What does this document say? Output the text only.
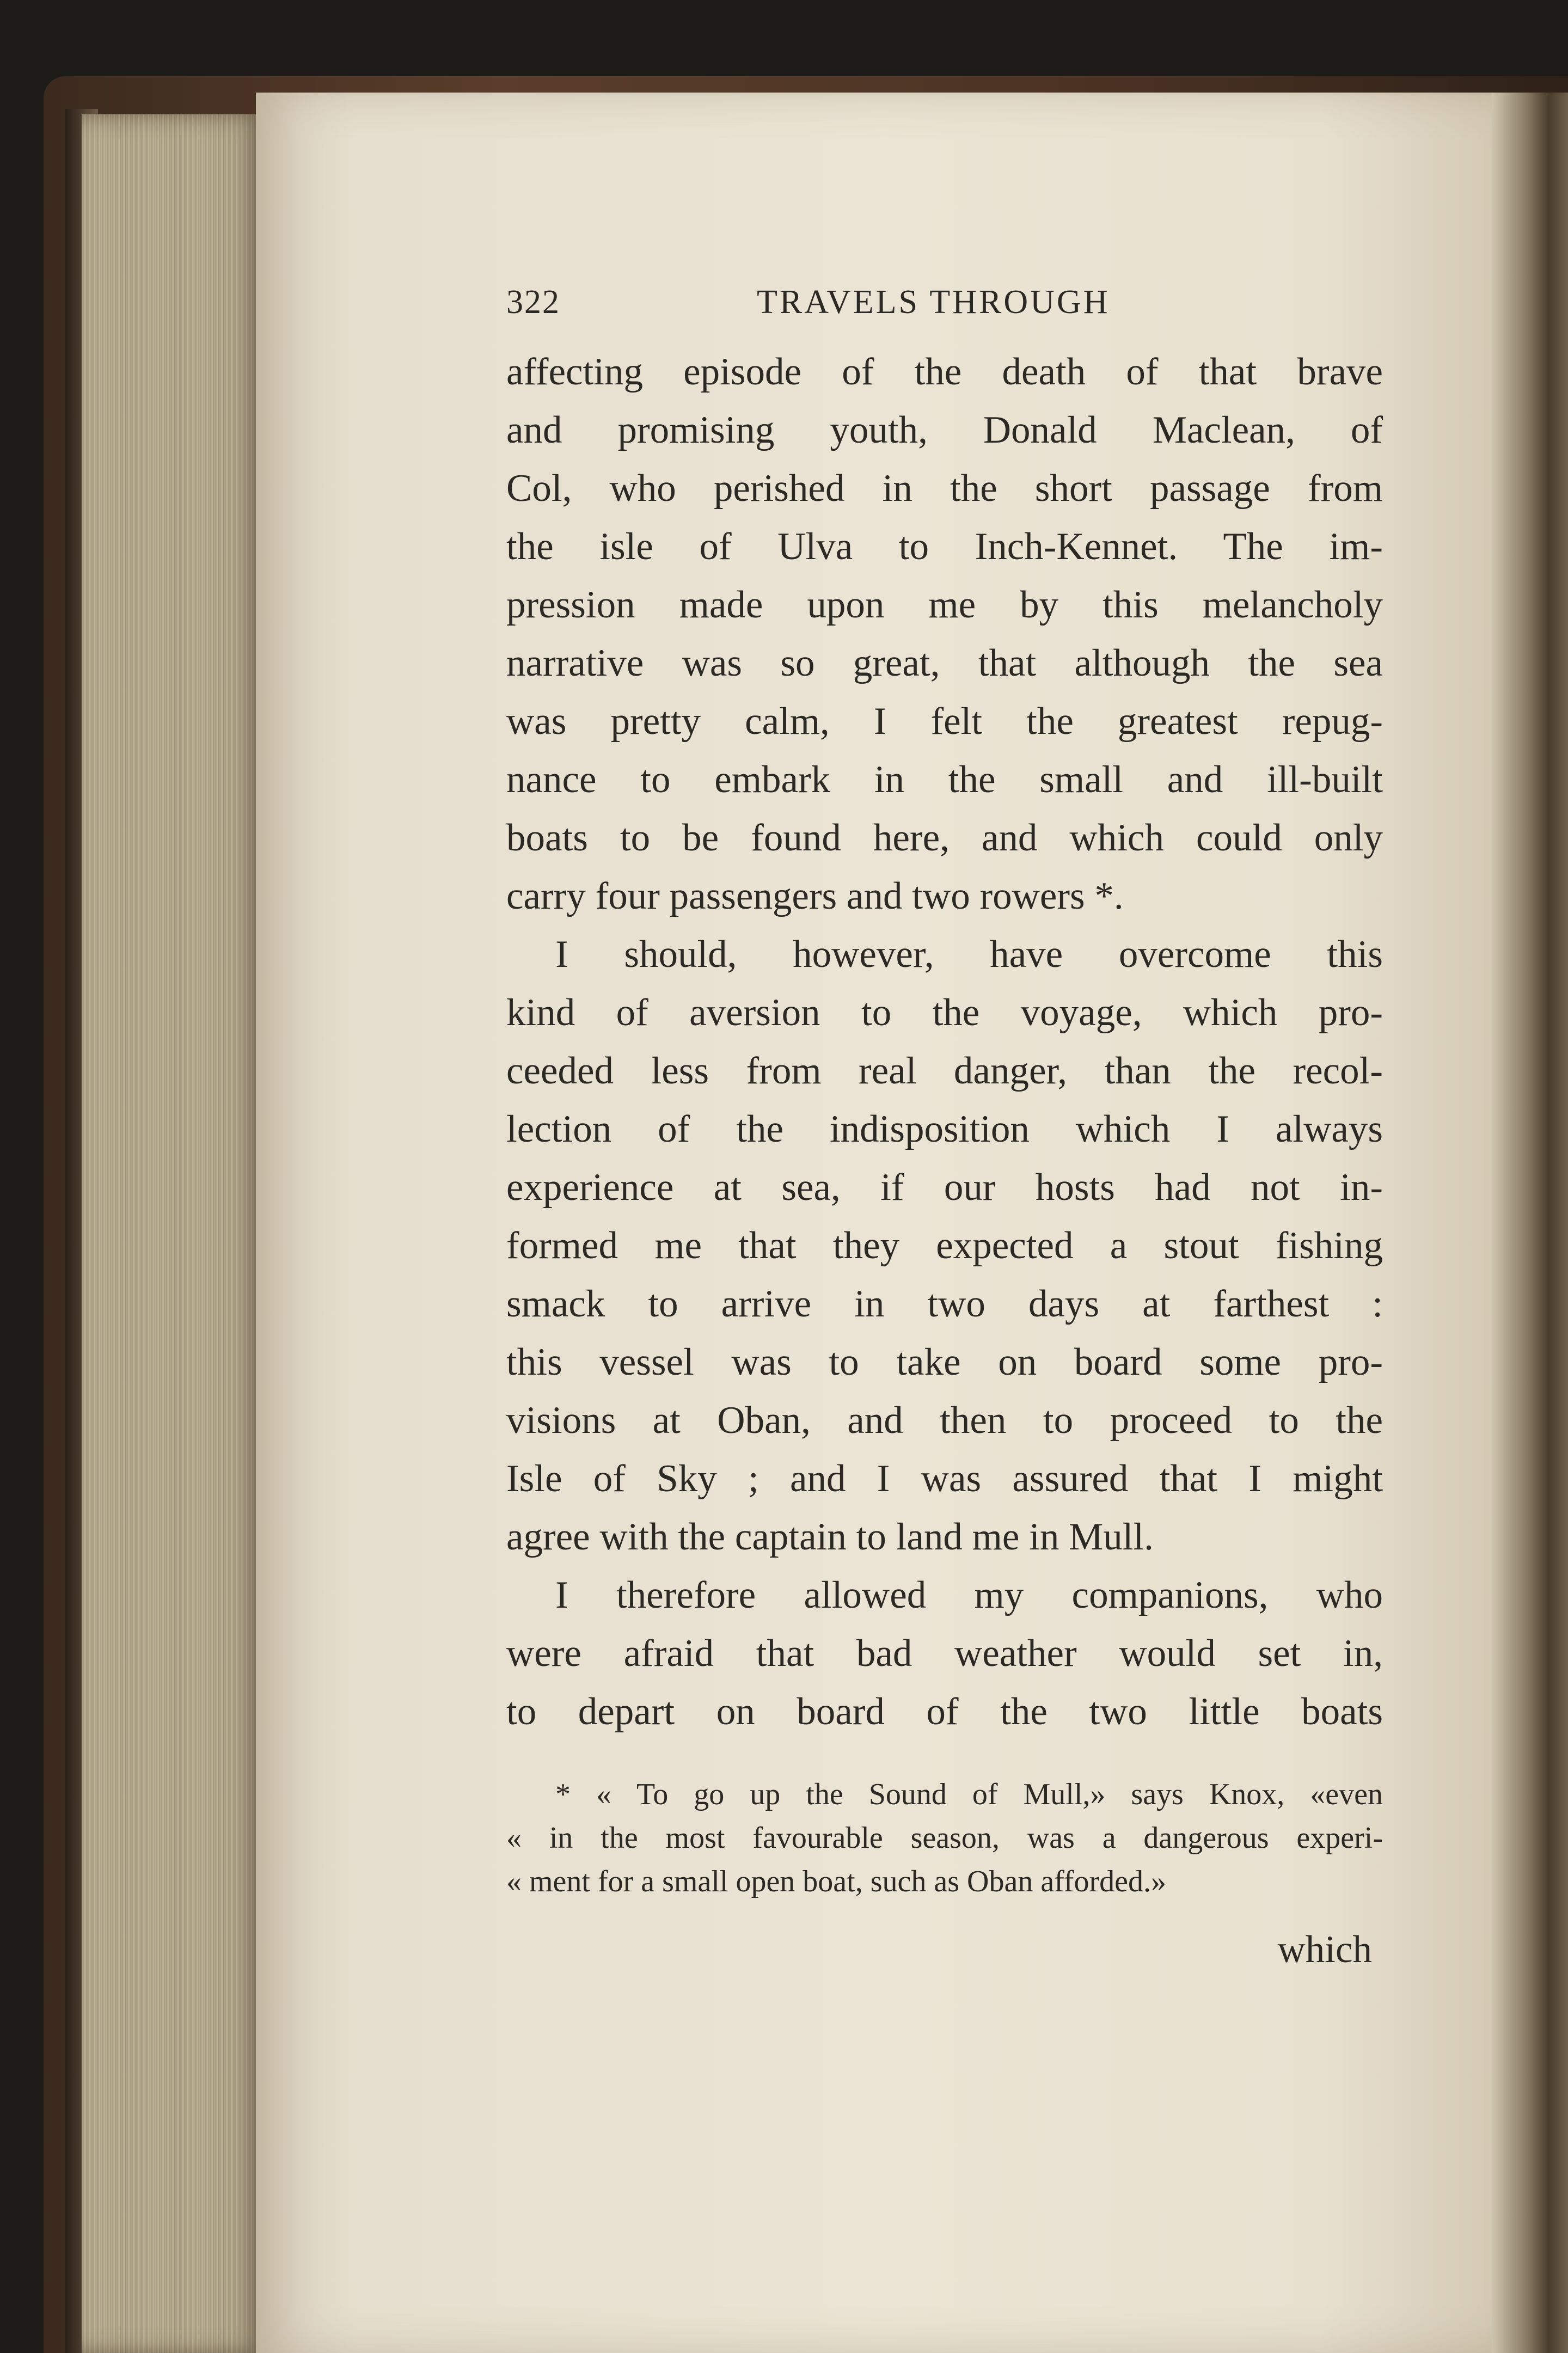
322	TRAVELS THROUGH
affecting episode of the death of that brave
and promising youth, Donald Maclean, of
Col, who perished in the short passage from
the isle of Ulva to Inch-Kennet. The im-
pression made upon me by this melancholy
narrative was so great, that although the sea
was pretty calm, I felt the greatest repug-
nance to embark in the small and ill-built
boats to be found here, and which could only
carry four passengers and two rowers *.
I should, however, have overcome this
kind of aversion to the voyage, which pro-
ceeded less from real danger, than the recol-
lection of the indisposition which I always
experience at sea, if our hosts had not in-
formed me that they expected a stout fishing
smack to arrive in two days at farthest :
this vessel was to take on board some pro-
visions at Oban, and then to proceed to the
Isle of Sky ; and I was assured that I might
agree with the captain to land me in Mull.
I therefore allowed my companions, who
were afraid that bad weather would set in,
to depart on board of the two little boats
* « To go up the Sound of Mull,» says Knox, «even
« in the most favourable season, was a dangerous experi-
« ment for a small open boat, such as Oban afforded.»
which
